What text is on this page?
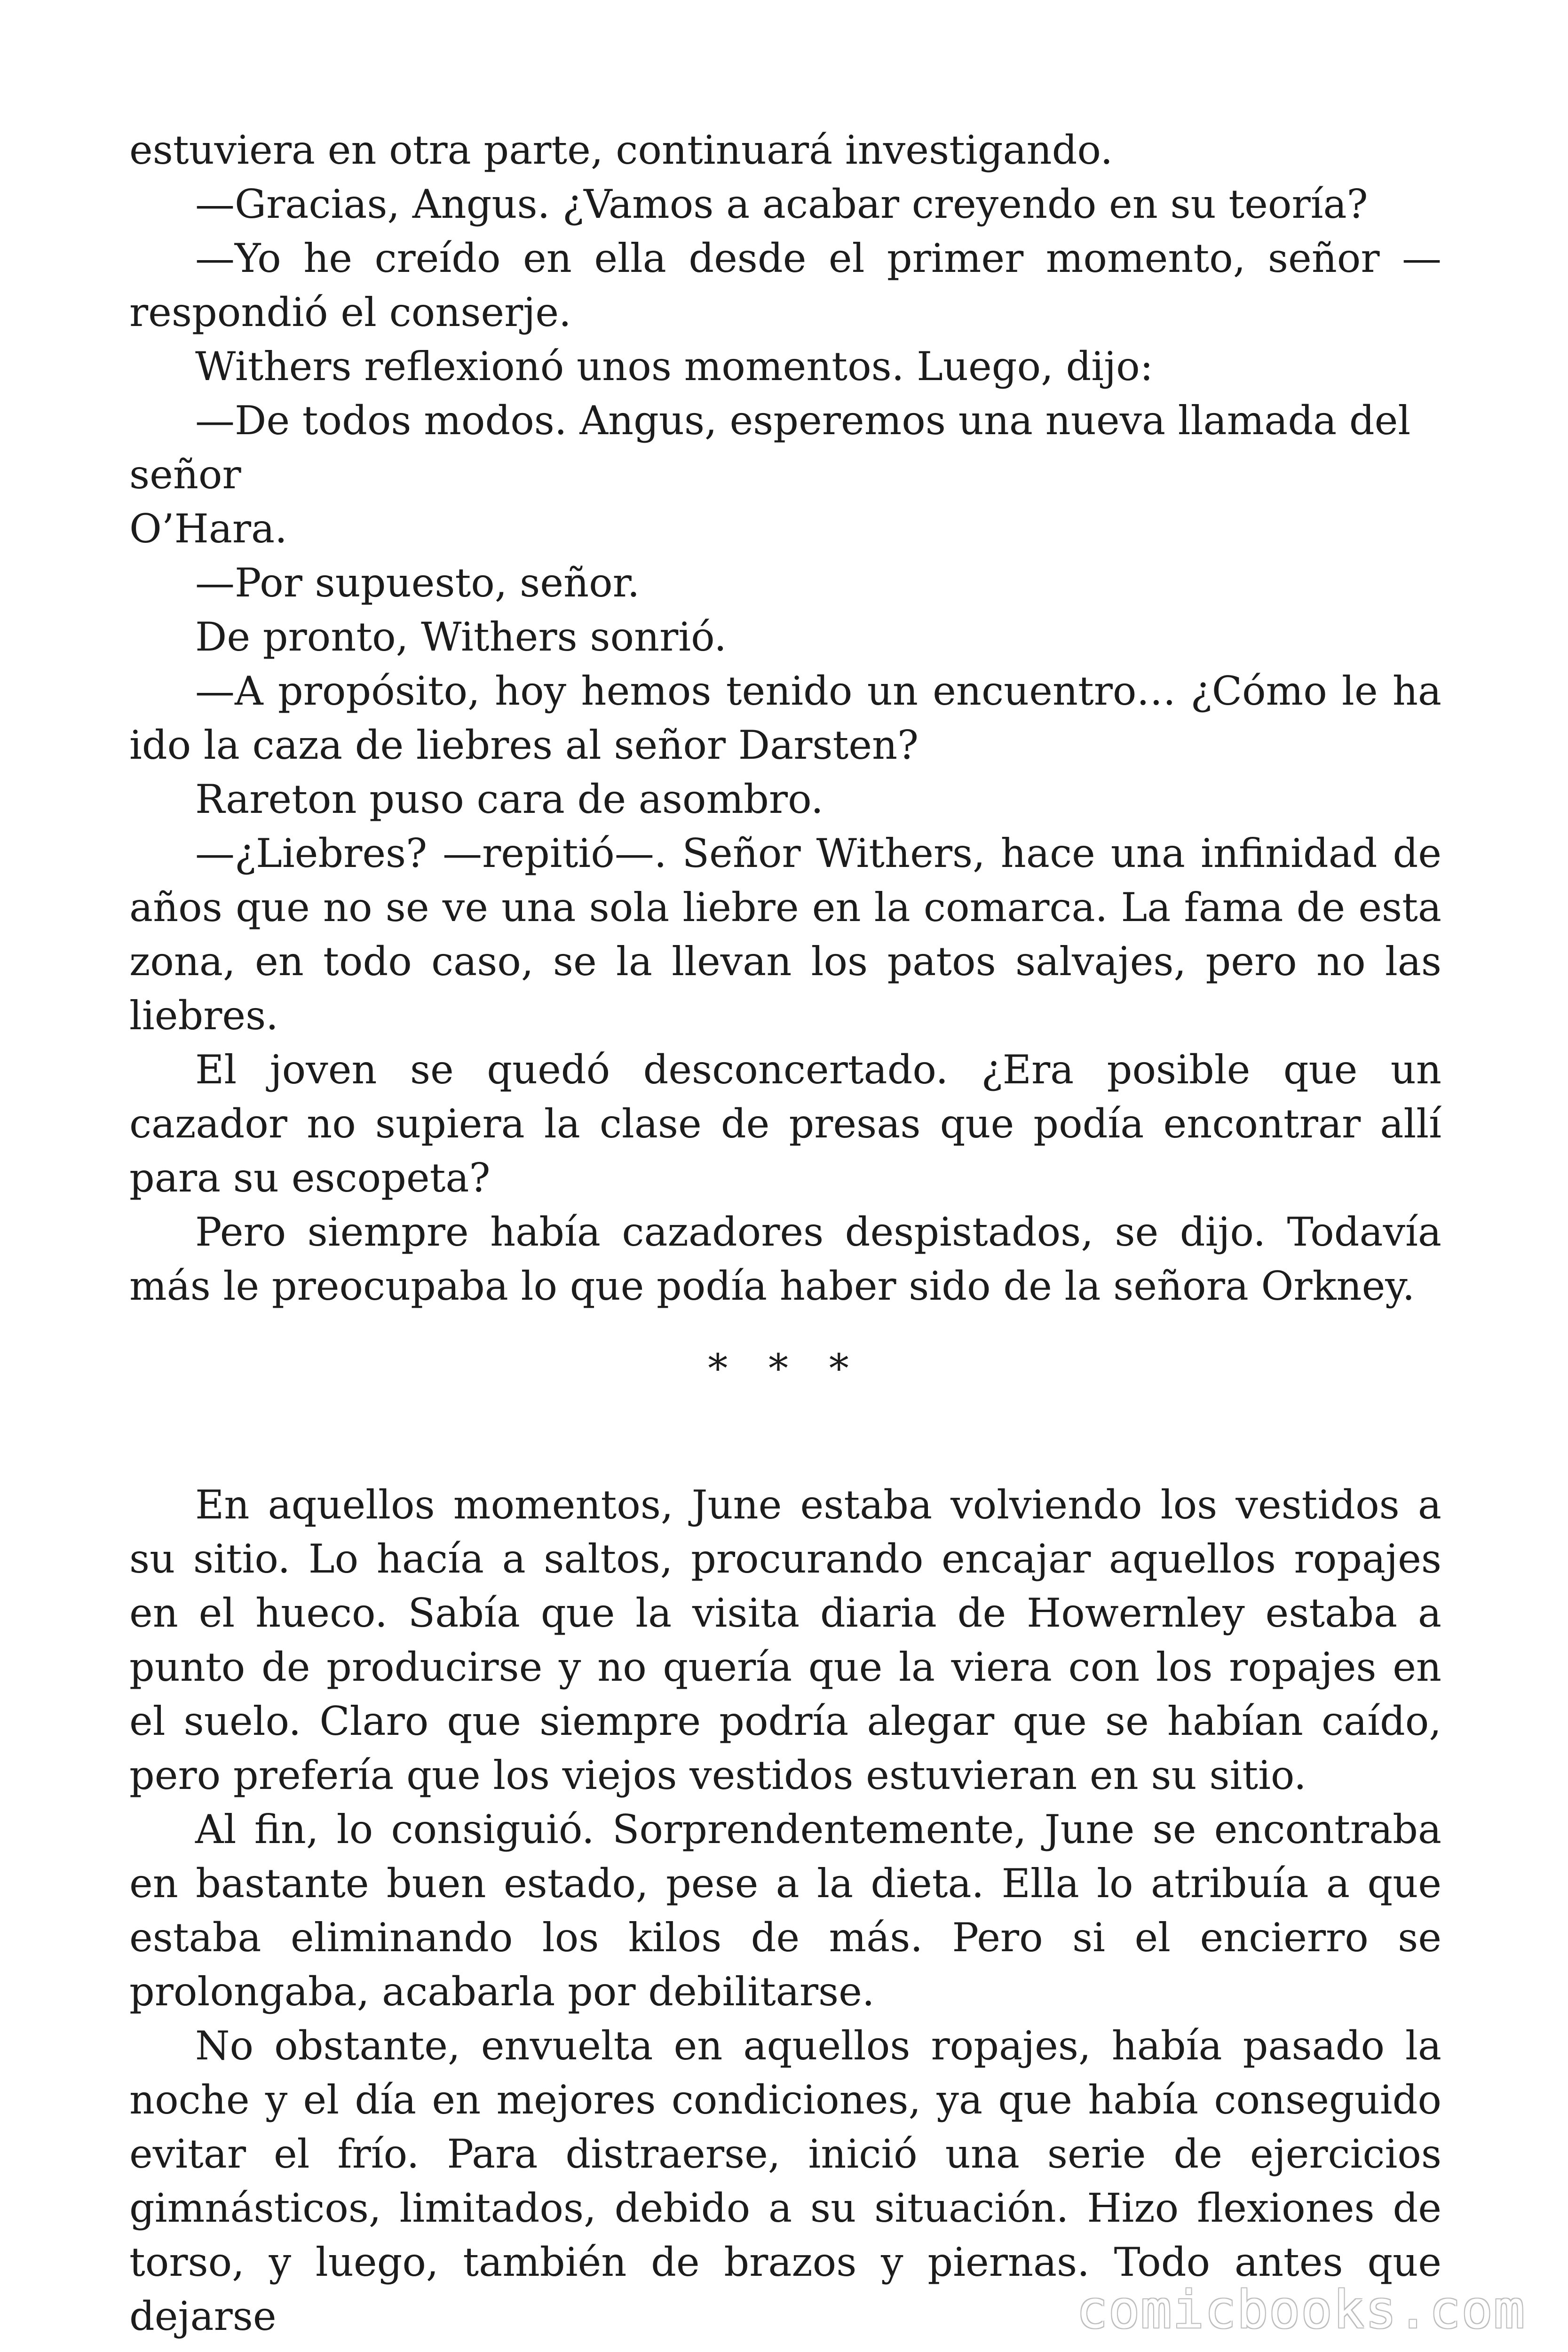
estuviera en otra parte, continuará investigando.

—Gracias, Angus. ¿Vamos a acabar creyendo en su teoría?

—Yo he creído en ella desde el primer momento, señor —respondió el conserje.

Withers reflexionó unos momentos. Luego, dijo:

—De todos modos. Angus, esperemos una nueva llamada del señor

O’Hara.

—Por supuesto, señor.

De pronto, Withers sonrió.

—A propósito, hoy hemos tenido un encuentro… ¿Cómo le ha ido la caza de liebres al señor Darsten?

Rareton puso cara de asombro.

—¿Liebres? —repitió—. Señor Withers, hace una infinidad de años que no se ve una sola liebre en la comarca. La fama de esta zona, en todo caso, se la llevan los patos salvajes, pero no las liebres.

El joven se quedó desconcertado. ¿Era posible que un cazador no supiera la clase de presas que podía encontrar allí para su escopeta?

Pero siempre había cazadores despistados, se dijo. Todavía más le preocupaba lo que podía haber sido de la señora Orkney.

* * *

En aquellos momentos, June estaba volviendo los vestidos a su sitio. Lo hacía a saltos, procurando encajar aquellos ropajes en el hueco. Sabía que la visita diaria de Howernley estaba a punto de producirse y no quería que la viera con los ropajes en el suelo. Claro que siempre podría alegar que se habían caído, pero prefería que los viejos vestidos estuvieran en su sitio.

Al fin, lo consiguió. Sorprendentemente, June se encontraba en bastante buen estado, pese a la dieta. Ella lo atribuía a que estaba eliminando los kilos de más. Pero si el encierro se prolongaba, acabarla por debilitarse.

No obstante, envuelta en aquellos ropajes, había pasado la noche y el día en mejores condiciones, ya que había conseguido evitar el frío. Para distraerse, inició una serie de ejercicios gimnásticos, limitados, debido a su situación. Hizo flexiones de torso, y luego, también de brazos y piernas. Todo antes que dejarse	comicbooks.com
